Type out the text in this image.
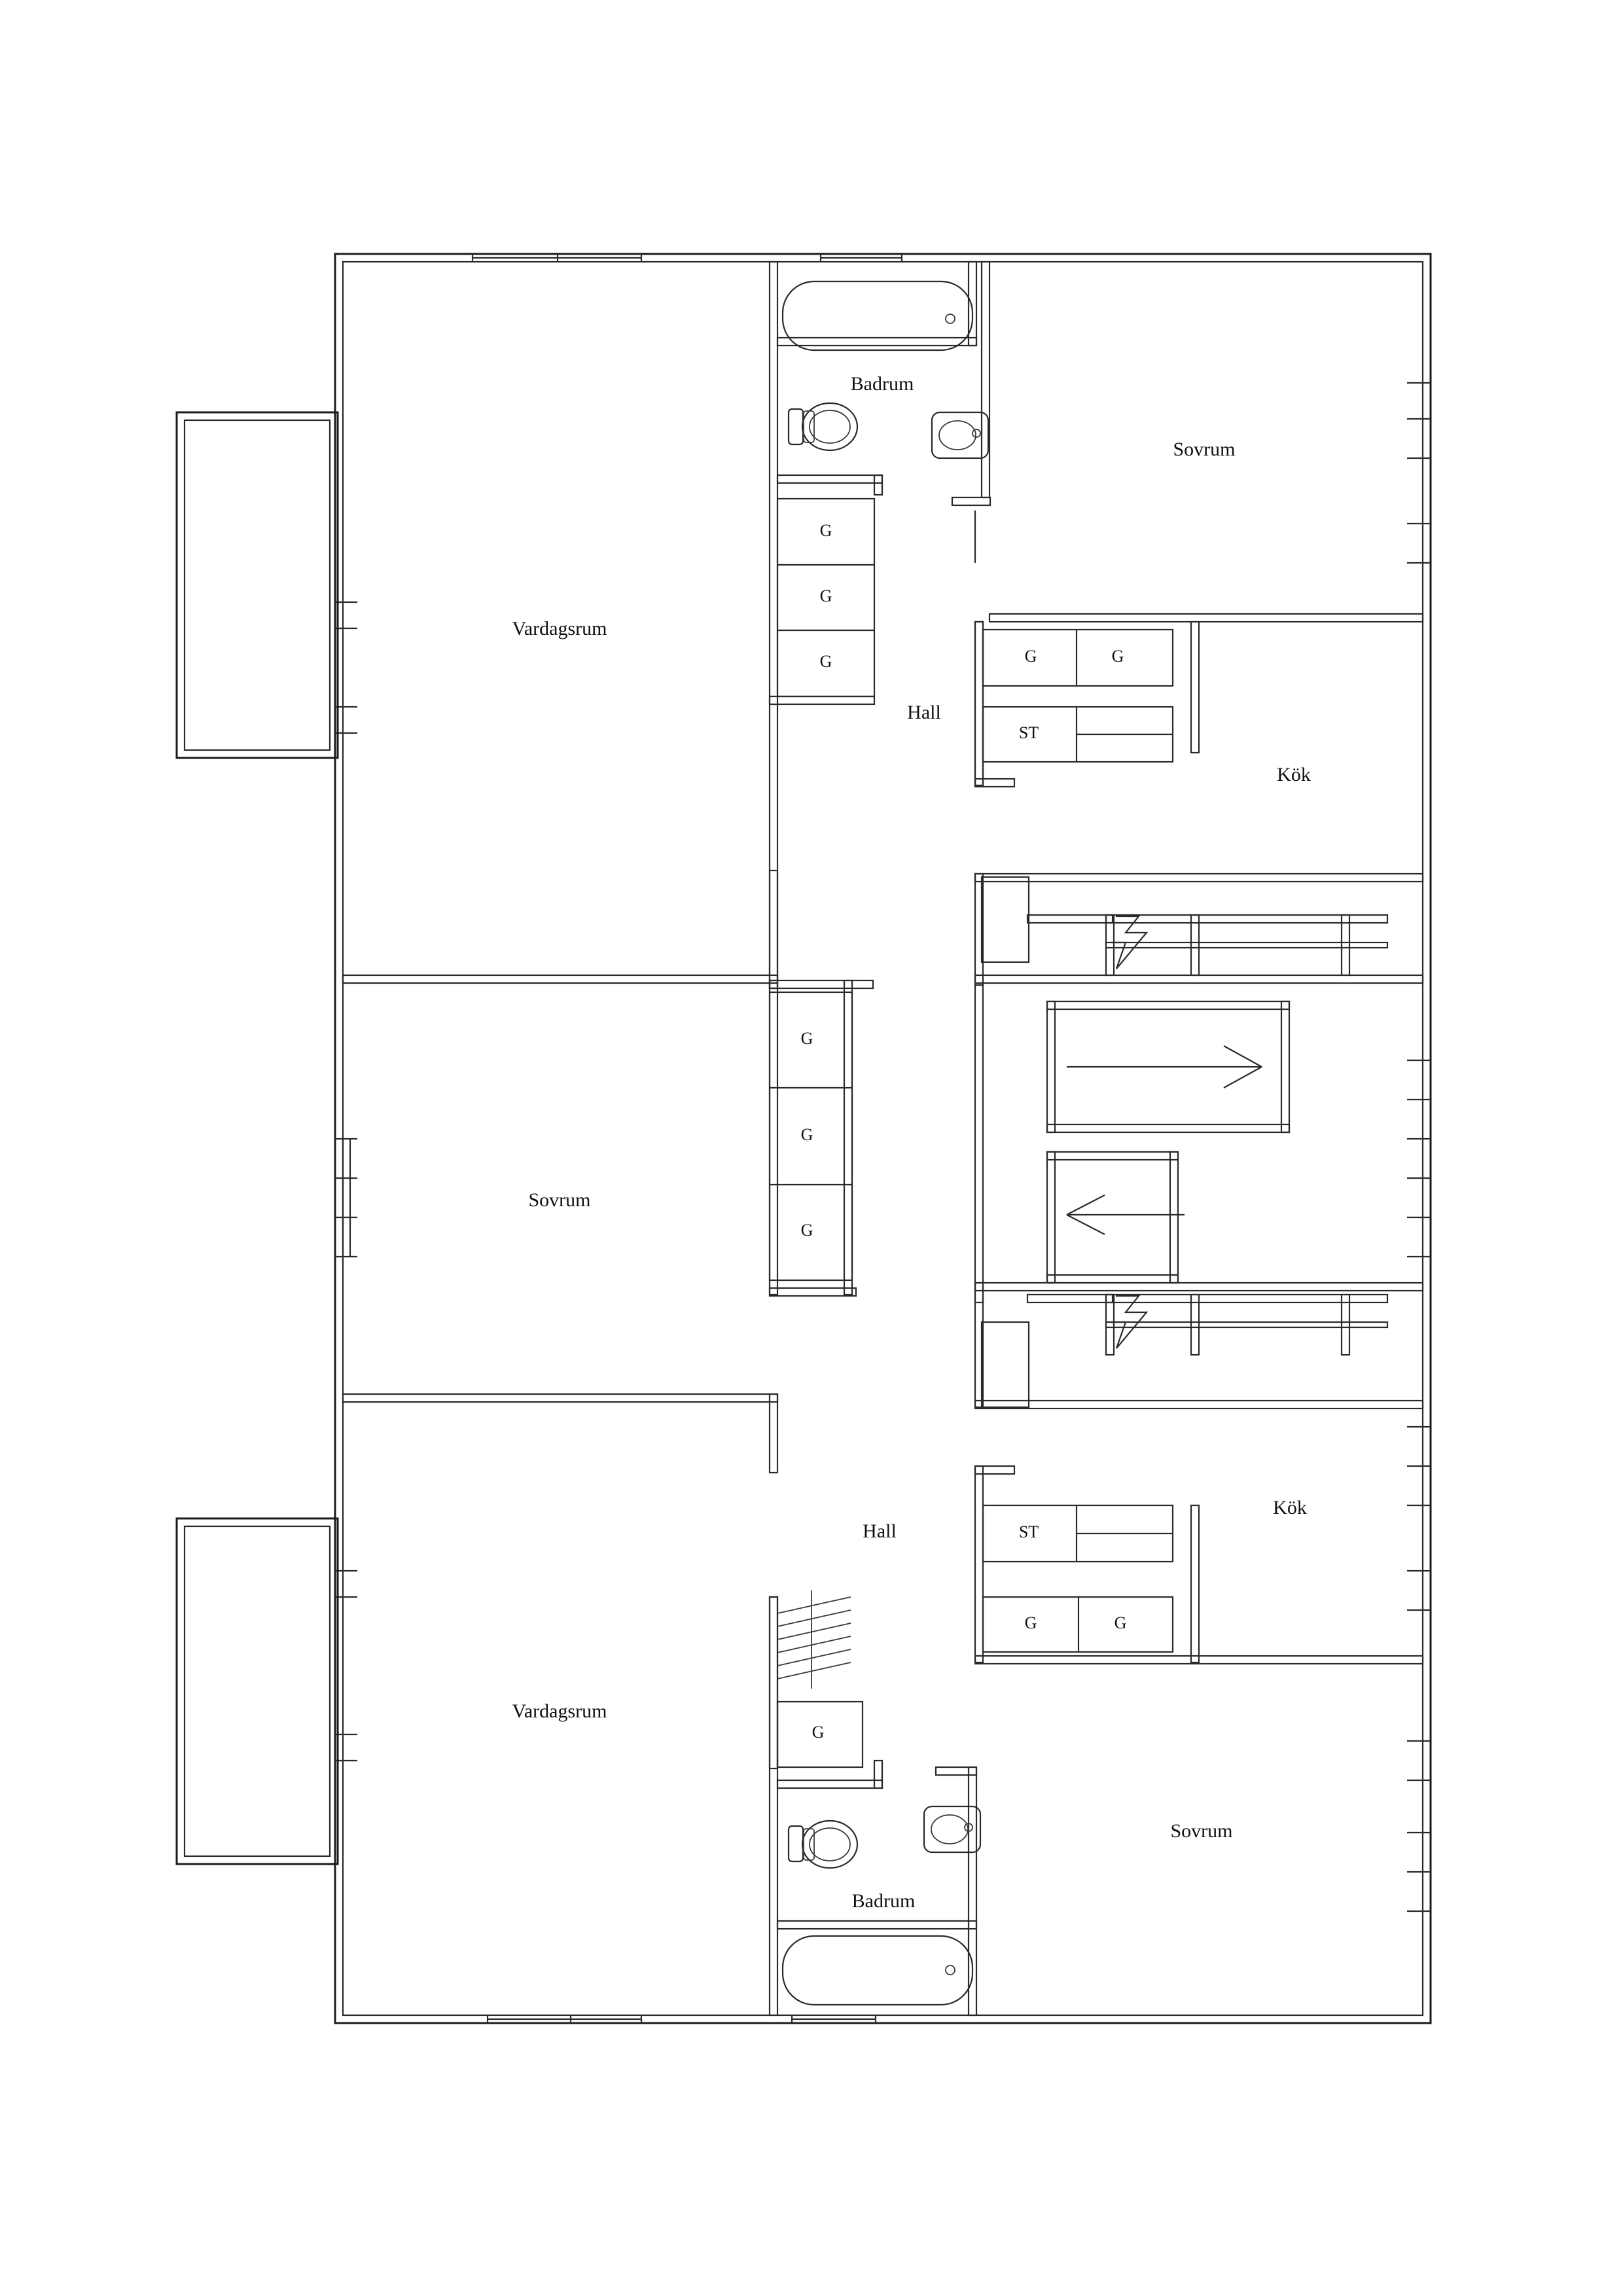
Vardagsrum
Badrum
Sovrum
Hall
Kök
Sovrum
Hall
Kök
Vardagsrum
Badrum
Sovrum
G
G
G	G	G
ST
G
G
G
ST
G	G
G
